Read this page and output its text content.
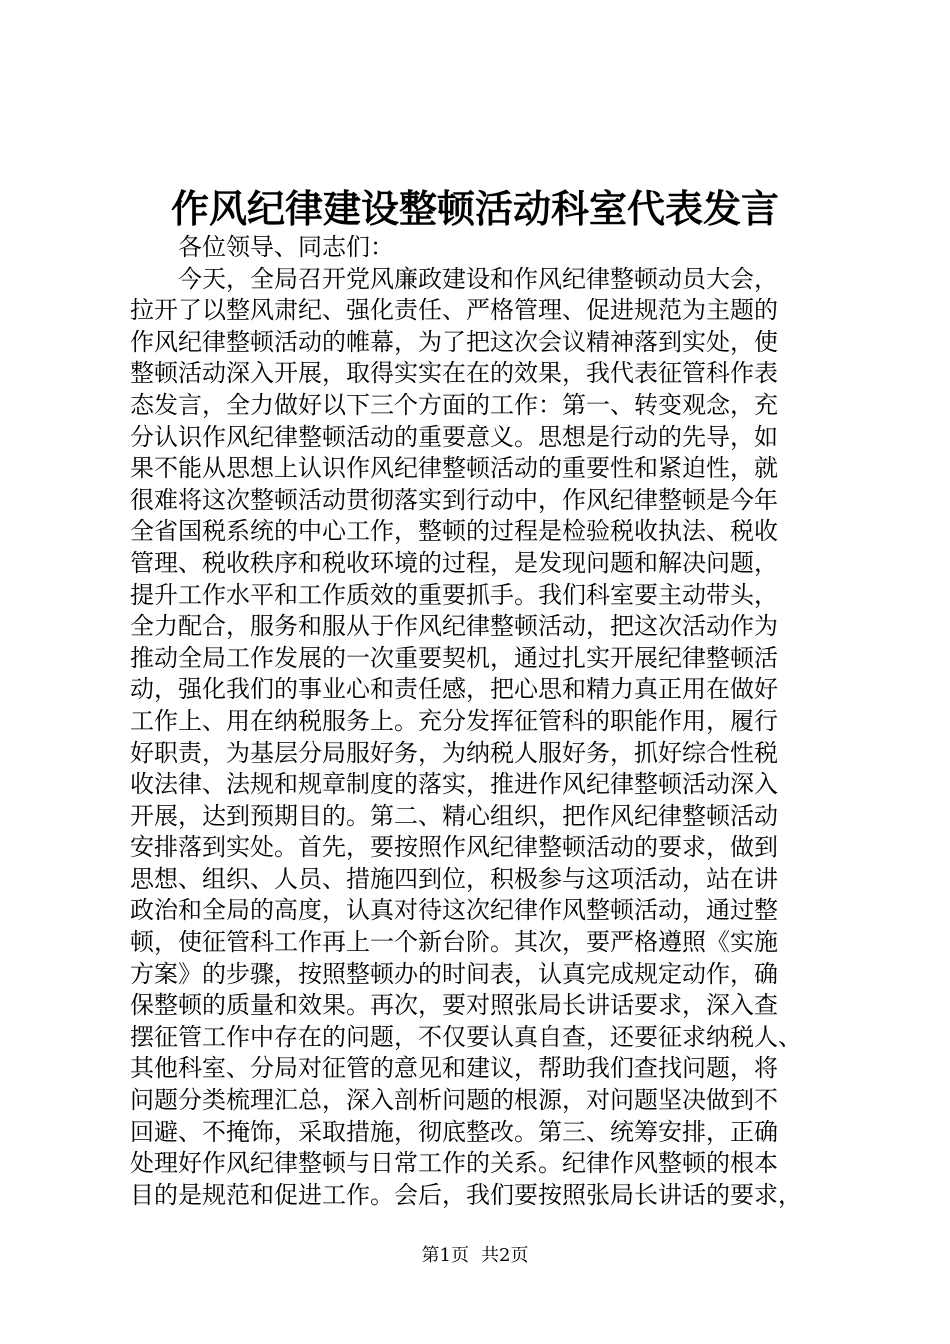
作风纪律建设整顿活动科室代表发言
各位领导、同志们：
今天，全局召开党风廉政建设和作风纪律整顿动员大会，
拉开了以整风肃纪、强化责任、严格管理、促进规范为主题的
作风纪律整顿活动的帷幕，为了把这次会议精神落到实处，使
整顿活动深入开展，取得实实在在的效果，我代表征管科作表
态发言，全力做好以下三个方面的工作：第一、转变观念，充
分认识作风纪律整顿活动的重要意义。思想是行动的先导，如
果不能从思想上认识作风纪律整顿活动的重要性和紧迫性，就
很难将这次整顿活动贯彻落实到行动中，作风纪律整顿是今年
全省国税系统的中心工作，整顿的过程是检验税收执法、税收
管理、税收秩序和税收环境的过程，是发现问题和解决问题，
提升工作水平和工作质效的重要抓手。我们科室要主动带头，
全力配合，服务和服从于作风纪律整顿活动，把这次活动作为
推动全局工作发展的一次重要契机，通过扎实开展纪律整顿活
动，强化我们的事业心和责任感，把心思和精力真正用在做好
工作上、用在纳税服务上。充分发挥征管科的职能作用，履行
好职责，为基层分局服好务，为纳税人服好务，抓好综合性税
收法律、法规和规章制度的落实，推进作风纪律整顿活动深入
开展，达到预期目的。第二、精心组织，把作风纪律整顿活动
安排落到实处。首先，要按照作风纪律整顿活动的要求，做到
思想、组织、人员、措施四到位，积极参与这项活动，站在讲
政治和全局的高度，认真对待这次纪律作风整顿活动，通过整
顿，使征管科工作再上一个新台阶。其次，要严格遵照《实施
方案》的步骤，按照整顿办的时间表，认真完成规定动作，确
保整顿的质量和效果。再次，要对照张局长讲话要求，深入查
摆征管工作中存在的问题，不仅要认真自查，还要征求纳税人、
其他科室、分局对征管的意见和建议，帮助我们查找问题，将
问题分类梳理汇总，深入剖析问题的根源，对问题坚决做到不
回避、不掩饰，采取措施，彻底整改。第三、统筹安排，正确
处理好作风纪律整顿与日常工作的关系。纪律作风整顿的根本
目的是规范和促进工作。会后，我们要按照张局长讲话的要求，
第1页 共2页
